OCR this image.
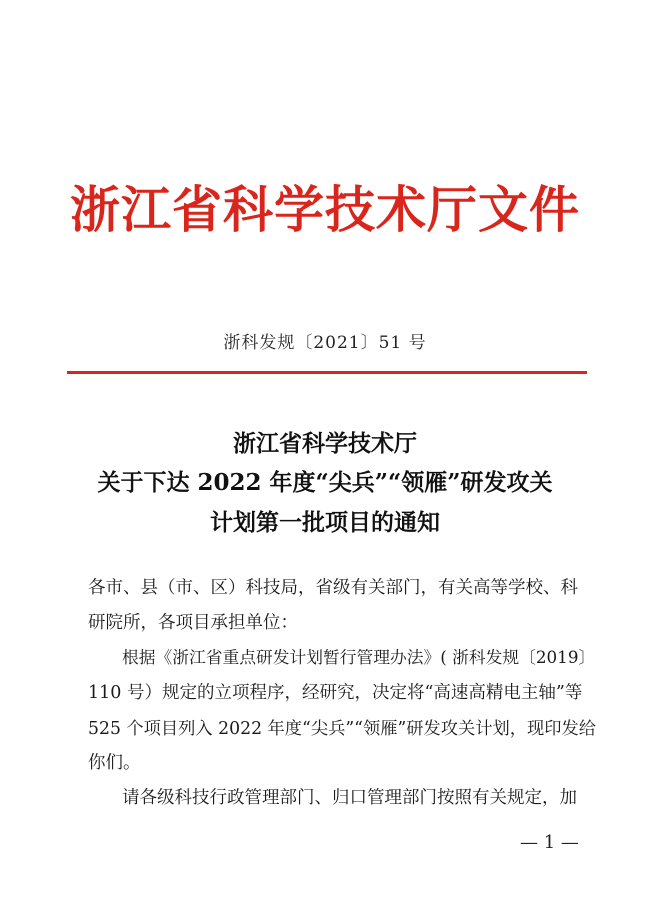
浙江省科学技术厅文件
浙科发规〔2021〕51 号
浙江省科学技术厅
关于下达 2022 年度“尖兵”“领雁”研发攻关
计划第一批项目的通知
各市、县（市、区）科技局，省级有关部门，有关高等学校、科
研院所，各项目承担单位：
根据《浙江省重点研发计划暂行管理办法》( 浙科发规〔2019〕
110 号）规定的立项程序，经研究，决定将“高速高精电主轴”等
525 个项目列入 2022 年度“尖兵”“领雁”研发攻关计划，现印发给
你们。
请各级科技行政管理部门、归口管理部门按照有关规定，加
— 1 —
